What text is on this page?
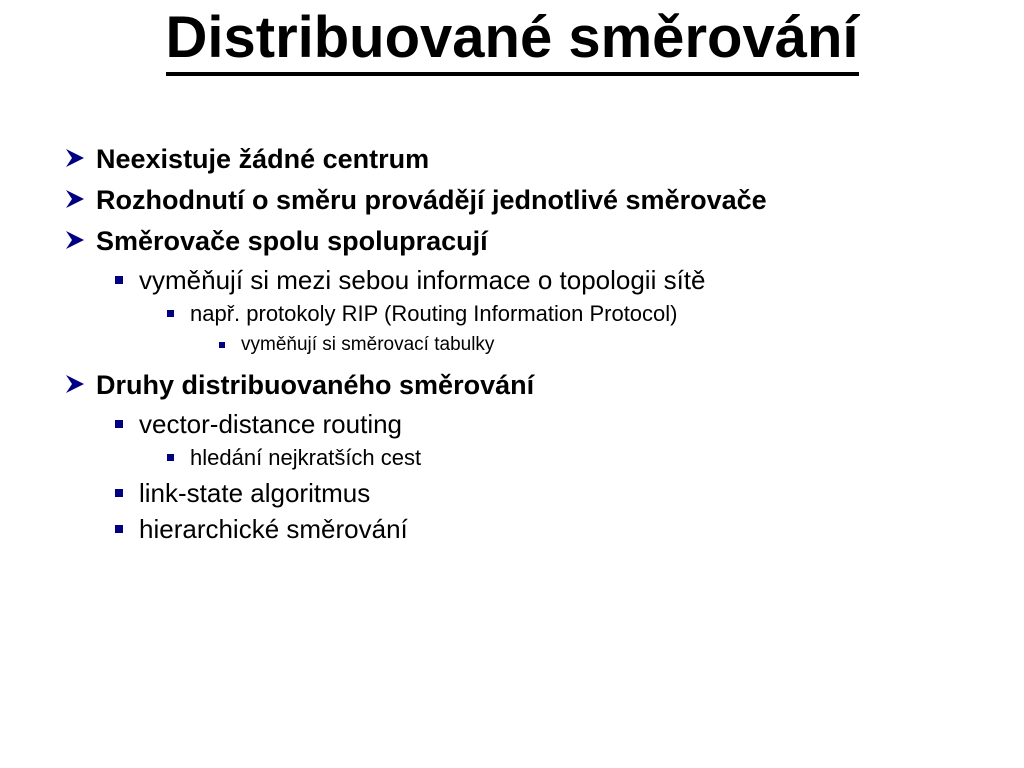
Distribuované směrování
Neexistuje žádné centrum
Rozhodnutí o směru provádějí jednotlivé směrovače
Směrovače spolu spolupracují
vyměňují si mezi sebou informace o topologii sítě
např. protokoly RIP (Routing Information Protocol)
vyměňují si směrovací tabulky
Druhy distribuovaného směrování
vector-distance routing
hledání nejkratších cest
link-state algoritmus
hierarchické směrování
